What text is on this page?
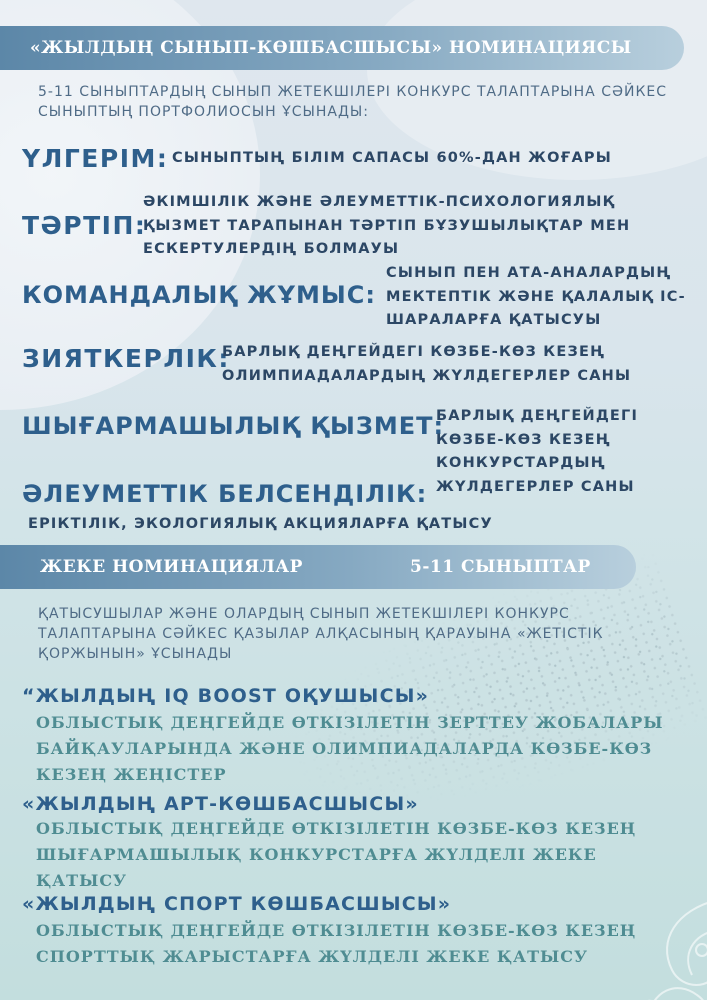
«ЖЫЛДЫҢ СЫНЫП-КӨШБАСШЫСЫ» НОМИНАЦИЯСЫ
5-11 СЫНЫПТАРДЫҢ СЫНЫП ЖЕТЕКШІЛЕРІ КОНКУРС ТАЛАПТАРЫНА СӘЙКЕС СЫНЫПТЫҢ ПОРТФОЛИОСЫН ҰСЫНАДЫ:
ҮЛГЕРІМ: СЫНЫПТЫҢ БІЛІМ САПАСЫ 60%-ДАН ЖОҒАРЫ
ТӘРТІП:
ӘКІМШІЛІК ЖӘНЕ ӘЛЕУМЕТТІК-ПСИХОЛОГИЯЛЫҚ ҚЫЗМЕТ ТАРАПЫНАН ТӘРТІП БҰЗУШЫЛЫҚТАР МЕН ЕСКЕРТУЛЕРДІҢ БОЛМАУЫ
КОМАНДАЛЫҚ ЖҰМЫС:
СЫНЫП ПЕН АТА-АНАЛАРДЫҢ МЕКТЕПТІК ЖӘНЕ ҚАЛАЛЫҚ ІС-ШАРАЛАРҒА ҚАТЫСУЫ
ЗИЯТКЕРЛІК:
БАРЛЫҚ ДЕҢГЕЙДЕГІ КӨЗБЕ-КӨЗ КЕЗЕҢ ОЛИМПИАДАЛАРДЫҢ ЖҮЛДЕГЕРЛЕР САНЫ
ШЫҒАРМАШЫЛЫҚ ҚЫЗМЕТ:
БАРЛЫҚ ДЕҢГЕЙДЕГІ КӨЗБЕ-КӨЗ КЕЗЕҢ КОНКУРСТАРДЫҢ ЖҮЛДЕГЕРЛЕР САНЫ
ӘЛЕУМЕТТІК БЕЛСЕНДІЛІК:
ЕРІКТІЛІК, ЭКОЛОГИЯЛЫҚ АКЦИЯЛАРҒА ҚАТЫСУ
ЖЕКЕ НОМИНАЦИЯЛАР	5-11 СЫНЫПТАР
ҚАТЫСУШЫЛАР ЖӘНЕ ОЛАРДЫҢ СЫНЫП ЖЕТЕКШІЛЕРІ КОНКУРС ТАЛАПТАРЫНА СӘЙКЕС ҚАЗЫЛАР АЛҚАСЫНЫҢ ҚАРАУЫНА «ЖЕТІСТІК ҚОРЖЫНЫН» ҰСЫНАДЫ
“ЖЫЛДЫҢ IQ BOOST ОҚУШЫСЫ»
ОБЛЫСТЫҚ ДЕҢГЕЙДЕ ӨТКІЗІЛЕТІН ЗЕРТТЕУ ЖОБАЛАРЫ БАЙҚАУЛАРЫНДА ЖӘНЕ ОЛИМПИАДАЛАРДА КӨЗБЕ-КӨЗ КЕЗЕҢ ЖЕҢІСТЕР
«ЖЫЛДЫҢ АРТ-КӨШБАСШЫСЫ»
ОБЛЫСТЫҚ ДЕҢГЕЙДЕ ӨТКІЗІЛЕТІН КӨЗБЕ-КӨЗ КЕЗЕҢ ШЫҒАРМАШЫЛЫҚ КОНКУРСТАРҒА ЖҮЛДЕЛІ ЖЕКЕ ҚАТЫСУ
«ЖЫЛДЫҢ СПОРТ КӨШБАСШЫСЫ»
ОБЛЫСТЫҚ ДЕҢГЕЙДЕ ӨТКІЗІЛЕТІН КӨЗБЕ-КӨЗ КЕЗЕҢ СПОРТТЫҚ ЖАРЫСТАРҒА ЖҮЛДЕЛІ ЖЕКЕ ҚАТЫСУ
